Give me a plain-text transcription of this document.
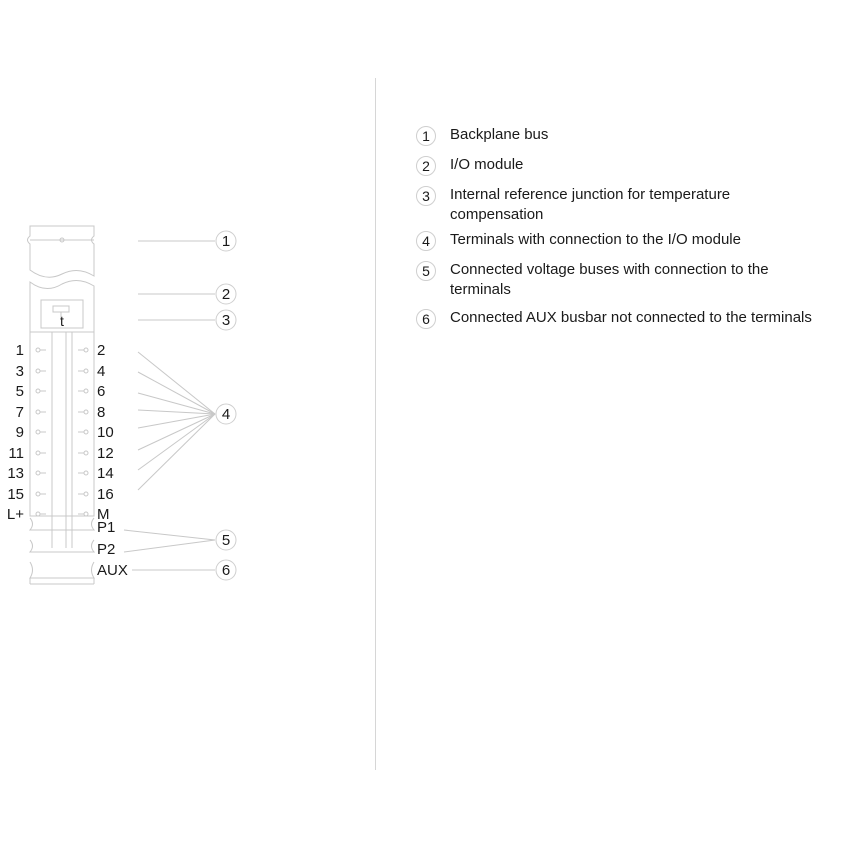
t
1
3
5
7
9
11
13
15
L+
2
4
6
8
10
12
14
16
M
P1
P2
AUX
1
2
3
4
5
6
1	Backplane bus
2	I/O module
3	Internal reference junction for temperature compensation
4	Terminals with connection to the I/O module
5	Connected voltage buses with connection to the terminals
6	Connected AUX busbar not connected to the terminals
